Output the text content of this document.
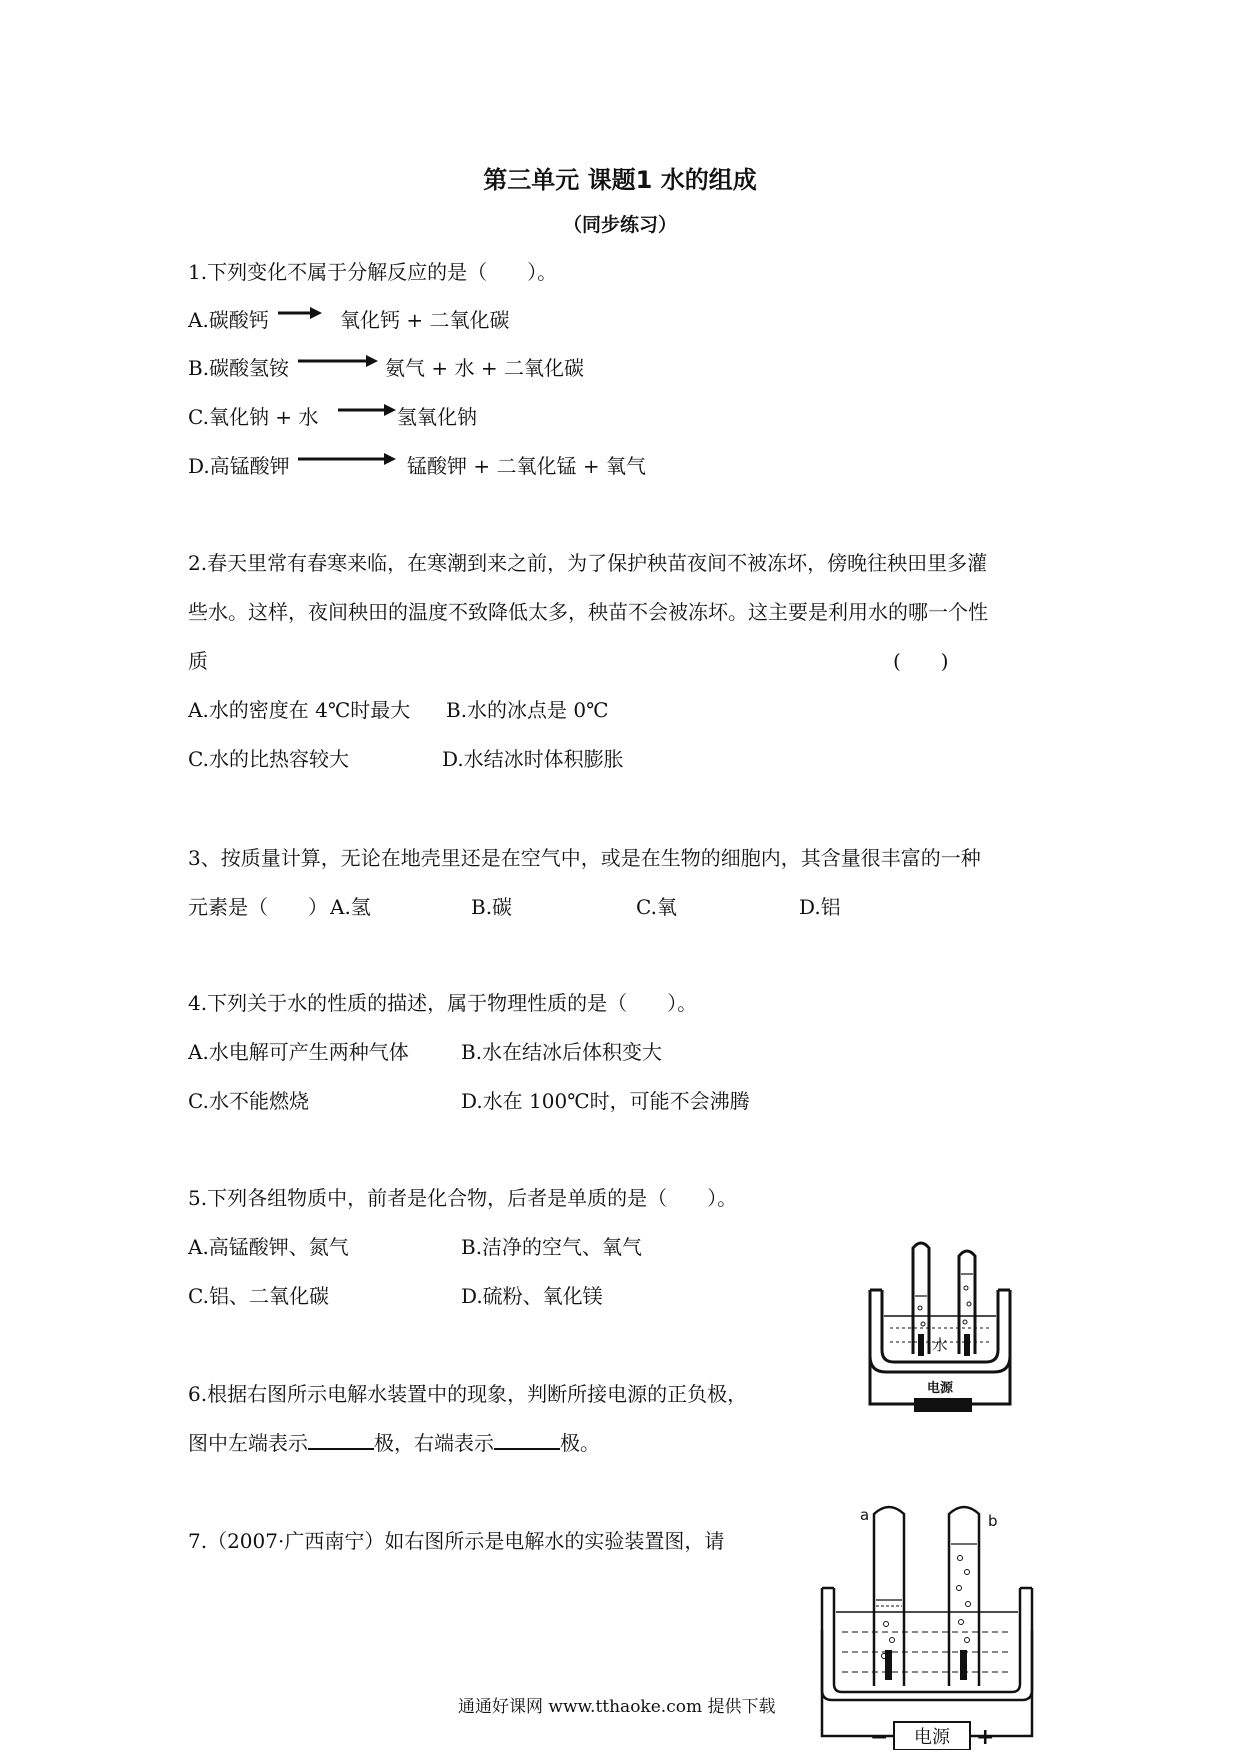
第三单元 课题1 水的组成
（同步练习）
1.下列变化不属于分解反应的是（　　）。
A.碳酸钙	氧化钙 + 二氧化碳
B.碳酸氢铵	氨气 + 水 + 二氧化碳
C.氧化钠 + 水	氢氧化钠
D.高锰酸钾	锰酸钾 + 二氧化锰 + 氧气
2.春天里常有春寒来临，在寒潮到来之前，为了保护秧苗夜间不被冻坏，傍晚往秧田里多灌
些水。这样，夜间秧田的温度不致降低太多，秧苗不会被冻坏。这主要是利用水的哪一个性
质	(　　)
A.水的密度在 4℃时最大 B.水的冰点是 0℃
C.水的比热容较大	D.水结冰时体积膨胀
3、按质量计算，无论在地壳里还是在空气中，或是在生物的细胞内，其含量很丰富的一种
元素是（　　） A.氢	B.碳	C.氧	D.铝
4.下列关于水的性质的描述，属于物理性质的是（　　）。
A.水电解可产生两种气体	B.水在结冰后体积变大
C.水不能燃烧	D.水在 100℃时，可能不会沸腾
5.下列各组物质中，前者是化合物，后者是单质的是（　　）。
A.高锰酸钾、氮气	B.洁净的空气、氧气
C.铝、二氧化碳	D.硫粉、氧化镁
6.根据右图所示电解水装置中的现象，判断所接电源的正负极，
图中左端表示	极，右端表示	极。
7.（2007·广西南宁）如右图所示是电解水的实验装置图，请
水
电源
a	b
电源
−	+
通通好课网 www.tthaoke.com 提供下载
